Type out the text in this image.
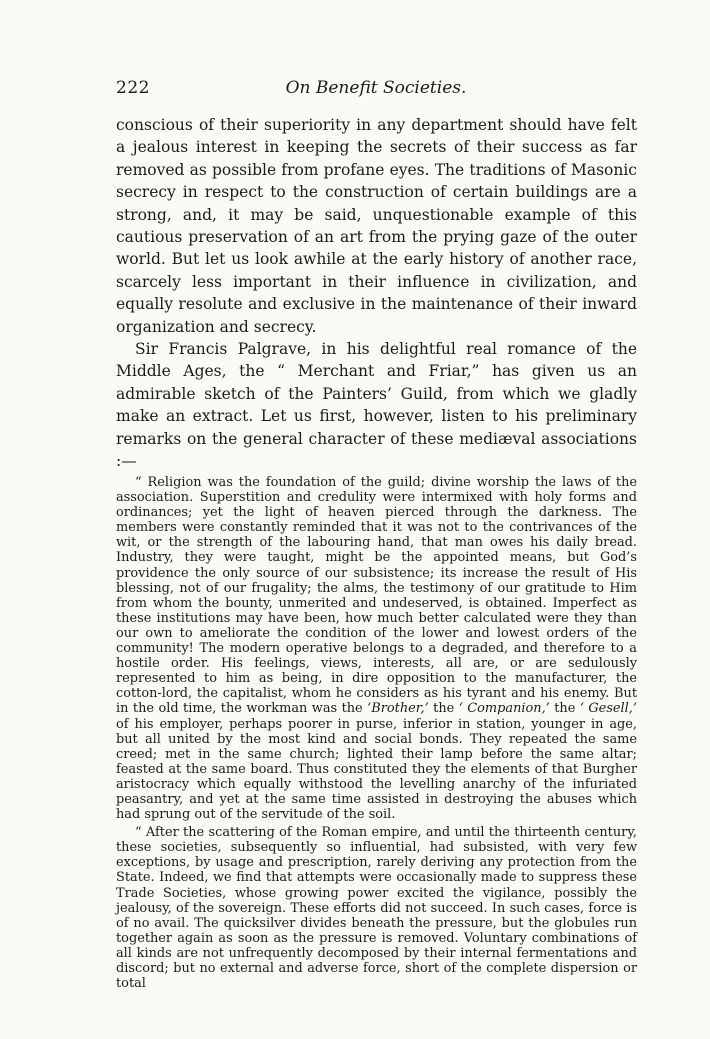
222	On Benefit Societies.

conscious of their superiority in any department should have felt a jealous interest in keeping the secrets of their success as far removed as possible from profane eyes. The traditions of Masonic secrecy in respect to the construction of certain buildings are a strong, and, it may be said, unquestionable example of this cautious preservation of an art from the prying gaze of the outer world. But let us look awhile at the early history of another race, scarcely less important in their influence in civilization, and equally resolute and exclusive in the maintenance of their inward organization and secrecy.

Sir Francis Palgrave, in his delightful real romance of the Middle Ages, the “ Merchant and Friar,” has given us an admirable sketch of the Painters’ Guild, from which we gladly make an extract. Let us first, however, listen to his preliminary remarks on the general character of these mediæval associations :—

“ Religion was the foundation of the guild; divine worship the laws of the association. Superstition and credulity were intermixed with holy forms and ordinances; yet the light of heaven pierced through the darkness. The members were constantly reminded that it was not to the contrivances of the wit, or the strength of the labouring hand, that man owes his daily bread. Industry, they were taught, might be the appointed means, but God’s providence the only source of our subsistence; its increase the result of His blessing, not of our frugality; the alms, the testimony of our gratitude to Him from whom the bounty, unmerited and undeserved, is obtained. Imperfect as these institutions may have been, how much better calculated were they than our own to ameliorate the condition of the lower and lowest orders of the community! The modern operative belongs to a degraded, and therefore to a hostile order. His feelings, views, interests, all are, or are sedulously represented to him as being, in dire opposition to the manufacturer, the cotton-lord, the capitalist, whom he considers as his tyrant and his enemy. But in the old time, the workman was the ‘Brother,’ the ‘ Companion,’ the ‘ Gesell,’ of his employer, perhaps poorer in purse, inferior in station, younger in age, but all united by the most kind and social bonds. They repeated the same creed; met in the same church; lighted their lamp before the same altar; feasted at the same board. Thus constituted they the elements of that Burgher aristocracy which equally withstood the levelling anarchy of the infuriated peasantry, and yet at the same time assisted in destroying the abuses which had sprung out of the servitude of the soil.

“ After the scattering of the Roman empire, and until the thirteenth century, these societies, subsequently so influential, had subsisted, with very few exceptions, by usage and prescription, rarely deriving any protection from the State. Indeed, we find that attempts were occasionally made to suppress these Trade Societies, whose growing power excited the vigilance, possibly the jealousy, of the sovereign. These efforts did not succeed. In such cases, force is of no avail. The quicksilver divides beneath the pressure, but the globules run together again as soon as the pressure is removed. Voluntary combinations of all kinds are not unfrequently decomposed by their internal fermentations and discord; but no external and adverse force, short of the complete dispersion or total
